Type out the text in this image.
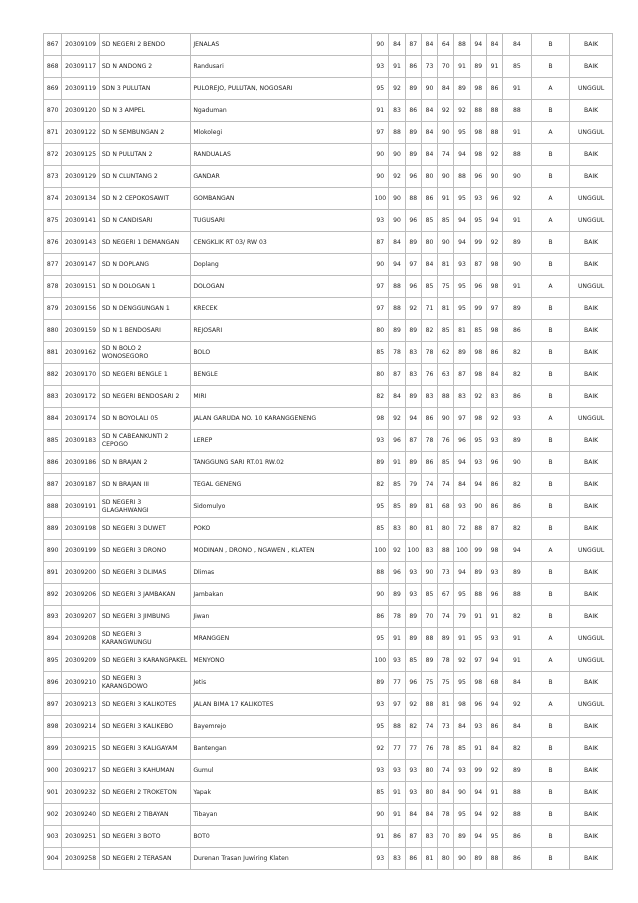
867	20309109	SD NEGERI 2 BENDO	JENALAS	90	84	87	84	64	88	94	84	84	B	BAIK
868	20309117	SD N ANDONG 2	Randusari	93	91	86	73	70	91	89	91	85	B	BAIK
869	20309119	SDN 3 PULUTAN	PULOREJO, PULUTAN, NOGOSARI	95	92	89	90	84	89	98	86	91	A	UNGGUL
870	20309120	SD N 3 AMPEL	Ngaduman	91	83	86	84	92	92	88	88	88	B	BAIK
871	20309122	SD N SEMBUNGAN 2	Mlokolegi	97	88	89	84	90	95	98	88	91	A	UNGGUL
872	20309125	SD N PULUTAN 2	RANDUALAS	90	90	89	84	74	94	98	92	88	B	BAIK
873	20309129	SD N CLUNTANG 2	GANDAR	90	92	96	80	90	88	96	90	90	B	BAIK
874	20309134	SD N 2 CEPOKOSAWIT	GOMBANGAN	100	90	88	86	91	95	93	96	92	A	UNGGUL
875	20309141	SD N CANDISARI	TUGUSARI	93	90	96	85	85	94	95	94	91	A	UNGGUL
876	20309143	SD NEGERI 1 DEMANGAN	CENGKLIK RT 03/ RW 03	87	84	89	80	90	94	99	92	89	B	BAIK
877	20309147	SD N DOPLANG	Doplang	90	94	97	84	81	93	87	98	90	B	BAIK
878	20309151	SD N DOLOGAN 1	DOLOGAN	97	88	96	85	75	95	96	98	91	A	UNGGUL
879	20309156	SD N DENGGUNGAN 1	KRECEK	97	88	92	71	81	95	99	97	89	B	BAIK
880	20309159	SD N 1 BENDOSARI	REJOSARI	80	89	89	82	85	81	85	98	86	B	BAIK
881	20309162	SD N BOLO 2 WONOSEGORO	BOLO	85	78	83	78	62	89	98	86	82	B	BAIK
882	20309170	SD NEGERI BENGLE 1	BENGLE	80	87	83	76	63	87	98	84	82	B	BAIK
883	20309172	SD NEGERI BENDOSARI 2	MIRI	82	84	89	83	88	83	92	83	86	B	BAIK
884	20309174	SD N BOYOLALI 05	JALAN GARUDA NO. 10 KARANGGENENG	98	92	94	86	90	97	98	92	93	A	UNGGUL
885	20309183	SD N CABEANKUNTI 2 CEPOGO	LEREP	93	96	87	78	76	96	95	93	89	B	BAIK
886	20309186	SD N BRAJAN 2	TANGGUNG SARI RT.01 RW.02	89	91	89	86	85	94	93	96	90	B	BAIK
887	20309187	SD N BRAJAN III	TEGAL GENENG	82	85	79	74	74	84	94	86	82	B	BAIK
888	20309191	SD NEGERI 3 GLAGAHWANGI	Sidomulyo	95	85	89	81	68	93	90	86	86	B	BAIK
889	20309198	SD NEGERI 3 DUWET	POKO	85	83	80	81	80	72	88	87	82	B	BAIK
890	20309199	SD NEGERI 3 DRONO	MODINAN , DRONO , NGAWEN , KLATEN	100	92	100	83	88	100	99	98	94	A	UNGGUL
891	20309200	SD NEGERI 3 DLIMAS	Dlimas	88	96	93	90	73	94	89	93	89	B	BAIK
892	20309206	SD NEGERI 3 JAMBAKAN	Jambakan	90	89	93	85	67	95	88	96	88	B	BAIK
893	20309207	SD NEGERI 3 JIMBUNG	Jiwan	86	78	89	70	74	79	91	91	82	B	BAIK
894	20309208	SD NEGERI 3 KARANGWUNGU	MRANGGEN	95	91	89	88	89	91	95	93	91	A	UNGGUL
895	20309209	SD NEGERI 3 KARANGPAKEL	MENYONO	100	93	85	89	78	92	97	94	91	A	UNGGUL
896	20309210	SD NEGERI 3 KARANGDOWO	Jetis	89	77	96	75	75	95	98	68	84	B	BAIK
897	20309213	SD NEGERI 3 KALIKOTES	JALAN BIMA 17 KALIKOTES	93	97	92	88	81	98	96	94	92	A	UNGGUL
898	20309214	SD NEGERI 3 KALIKEBO	Bayemrejo	95	88	82	74	73	84	93	86	84	B	BAIK
899	20309215	SD NEGERI 3 KALIGAYAM	Bantengan	92	77	77	76	78	85	91	84	82	B	BAIK
900	20309217	SD NEGERI 3 KAHUMAN	Gumul	93	93	93	80	74	93	99	92	89	B	BAIK
901	20309232	SD NEGERI 2 TROKETON	Yapak	85	91	93	80	84	90	94	91	88	B	BAIK
902	20309240	SD NEGERI 2 TIBAYAN	Tibayan	90	91	84	84	78	95	94	92	88	B	BAIK
903	20309251	SD NEGERI 3 BOTO	BOT0	91	86	87	83	70	89	94	95	86	B	BAIK
904	20309258	SD NEGERI 2 TERASAN	Durenan Trasan Juwiring Klaten	93	83	86	81	80	90	89	88	86	B	BAIK
